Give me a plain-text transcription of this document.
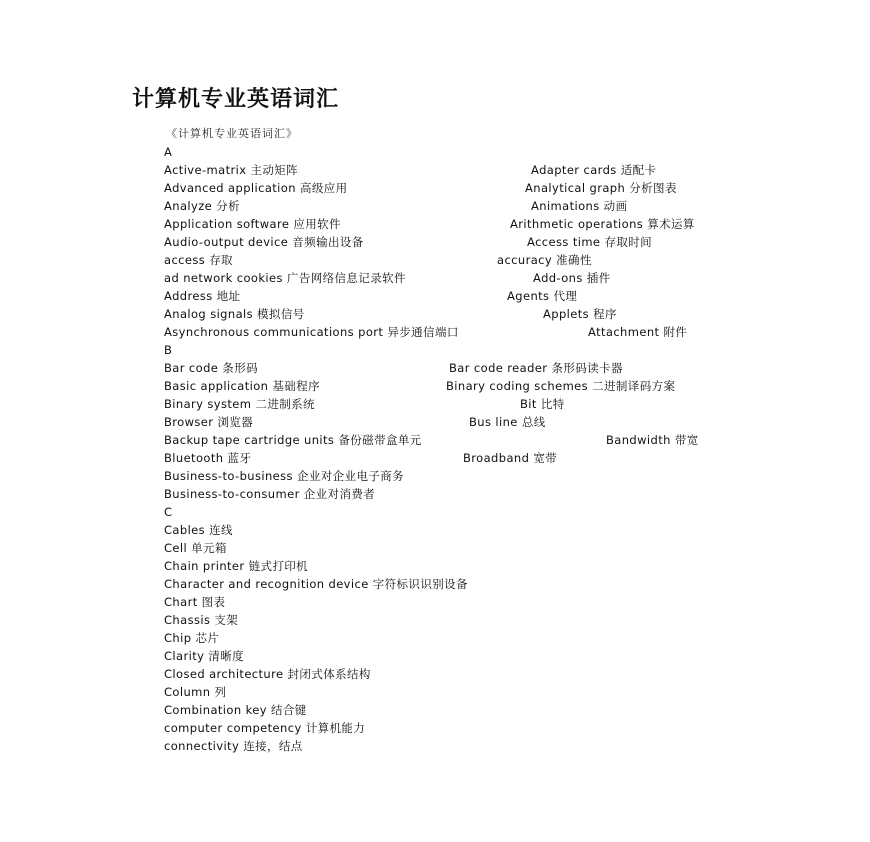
计算机专业英语词汇
《计算机专业英语词汇》
A
Active-matrix 主动矩阵	Adapter cards 适配卡
Advanced application 高级应用	Analytical graph 分析图表
Analyze 分析	Animations 动画
Application software 应用软件	Arithmetic operations 算术运算
Audio-output device 音频输出设备	Access time 存取时间
access 存取	accuracy 准确性
ad network cookies 广告网络信息记录软件	Add-ons 插件
Address 地址	Agents 代理
Analog signals 模拟信号	Applets 程序
Asynchronous communications port 异步通信端口	Attachment 附件
B
Bar code 条形码	Bar code reader 条形码读卡器
Basic application 基础程序	Binary coding schemes 二进制译码方案
Binary system 二进制系统	Bit 比特
Browser 浏览器	Bus line 总线
Backup tape cartridge units 备份磁带盒单元	Bandwidth 带宽
Bluetooth 蓝牙	Broadband 宽带
Business-to-business 企业对企业电子商务
Business-to-consumer 企业对消费者
C
Cables 连线
Cell 单元箱
Chain printer 链式打印机
Character and recognition device 字符标识识别设备
Chart 图表
Chassis 支架
Chip 芯片
Clarity 清晰度
Closed architecture 封闭式体系结构
Column 列
Combination key 结合键
computer competency 计算机能力
connectivity 连接，结点
